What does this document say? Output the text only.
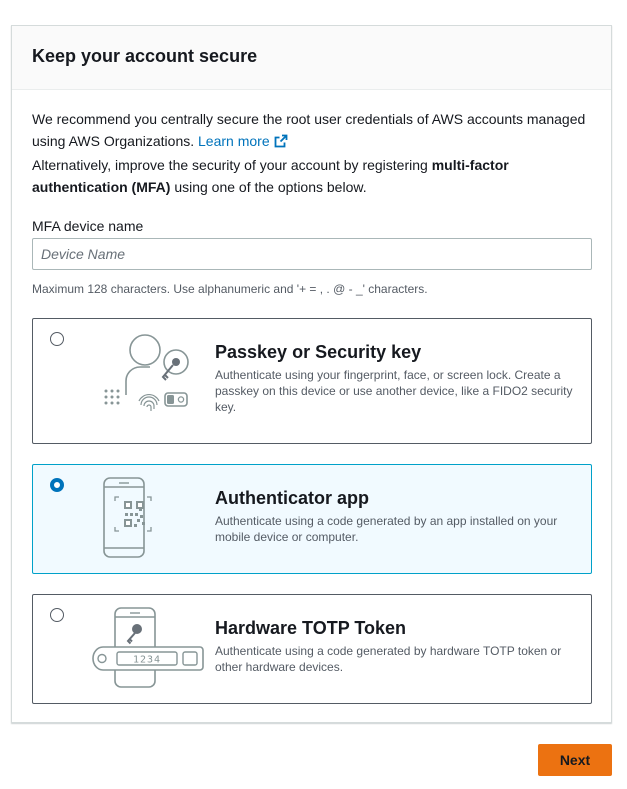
Keep your account secure

We recommend you centrally secure the root user credentials of AWS accounts managed using AWS Organizations. Learn more

Alternatively, improve the security of your account by registering multi-factor authentication (MFA) using one of the options below.

MFA device name
Device Name
Maximum 128 characters. Use alphanumeric and '+ = , . @ - _' characters.
Passkey or Security key
Authenticate using your fingerprint, face, or screen lock. Create a passkey on this device or use another device, like a FIDO2 security key.
Authenticator app
Authenticate using a code generated by an app installed on your mobile device or computer.
1234
Hardware TOTP Token
Authenticate using a code generated by hardware TOTP token or other hardware devices.
Next
